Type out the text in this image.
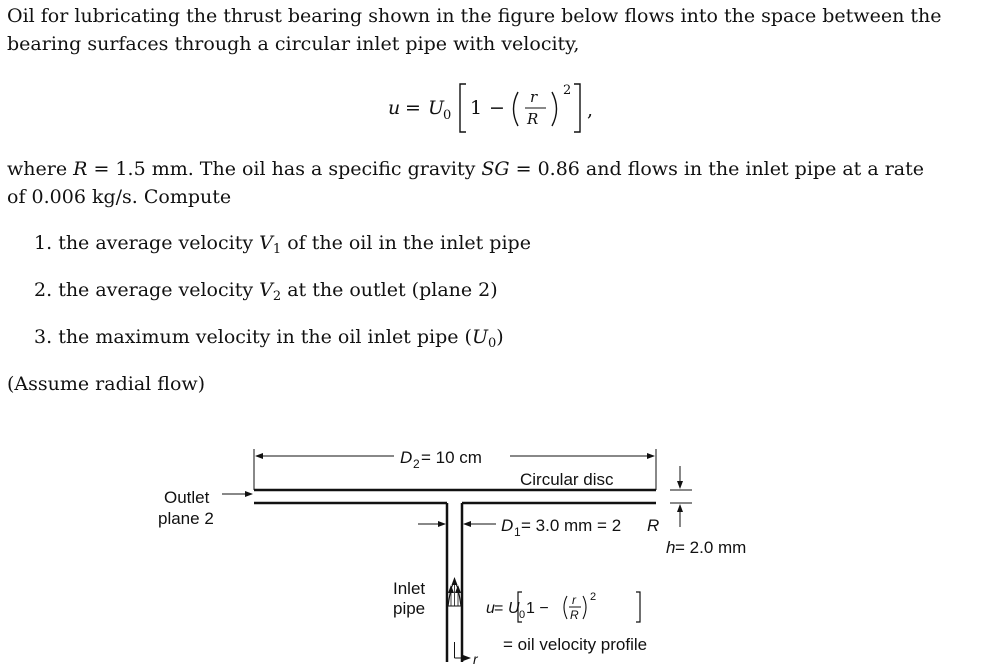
Oil for lubricating the thrust bearing shown in the figure below flows into the space between the
bearing surfaces through a circular inlet pipe with velocity,
u = U
0 1 − r
R
2
,
where R = 1.5 mm. The oil has a specific gravity SG = 0.86 and flows in the inlet pipe at a rate
of 0.006 kg/s. Compute
1. the average velocity $V_1$ of the oil in the inlet pipe
2. the average velocity $V_2$ at the outlet (plane 2)
3. the maximum velocity in the oil inlet pipe $(U_0)$
(Assume radial flow)
D 2 = 10 cm
Circular disc
Outlet
plane 2	D 1 = 3.0 mm = 2 R
h = 2.0 mm
Inlet
pipe	u = U 0 1 − r
R
2
= oil velocity profile
r
